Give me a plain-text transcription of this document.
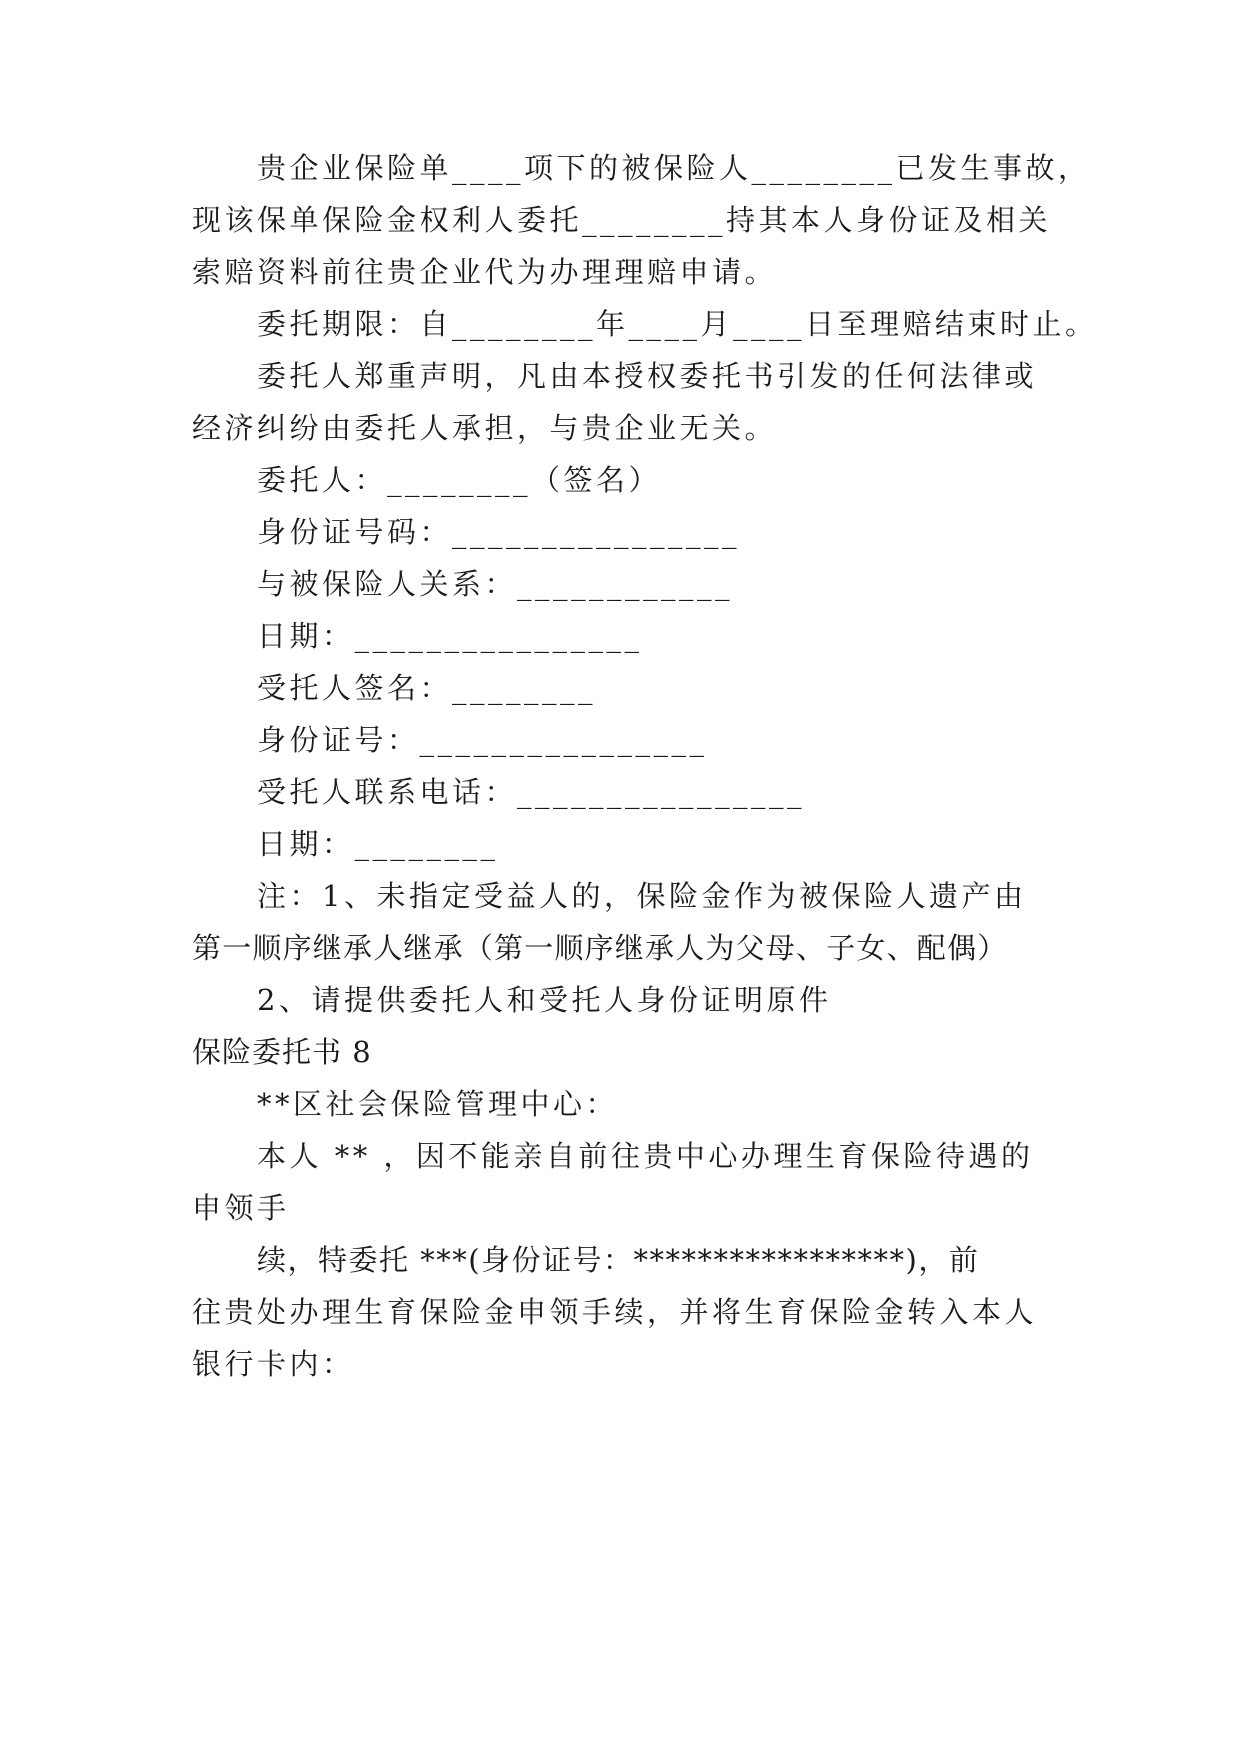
贵企业保险单____项下的被保险人________已发生事故，
现该保单保险金权利人委托________持其本人身份证及相关
索赔资料前往贵企业代为办理理赔申请。
委托期限：自________年____月____日至理赔结束时止。
委托人郑重声明，凡由本授权委托书引发的任何法律或
经济纠纷由委托人承担，与贵企业无关。
委托人：________（签名）
身份证号码：________________
与被保险人关系：____________
日期：________________
受托人签名：________
身份证号：________________
受托人联系电话：________________
日期：________
注：1、未指定受益人的，保险金作为被保险人遗产由
第一顺序继承人继承（第一顺序继承人为父母、子女、配偶）
2、请提供委托人和受托人身份证明原件
保险委托书 8
**区社会保险管理中心：
本人 ** ，因不能亲自前往贵中心办理生育保险待遇的
申领手
续，特委托 ***(身份证号：*****************)，前
往贵处办理生育保险金申领手续，并将生育保险金转入本人
银行卡内：
